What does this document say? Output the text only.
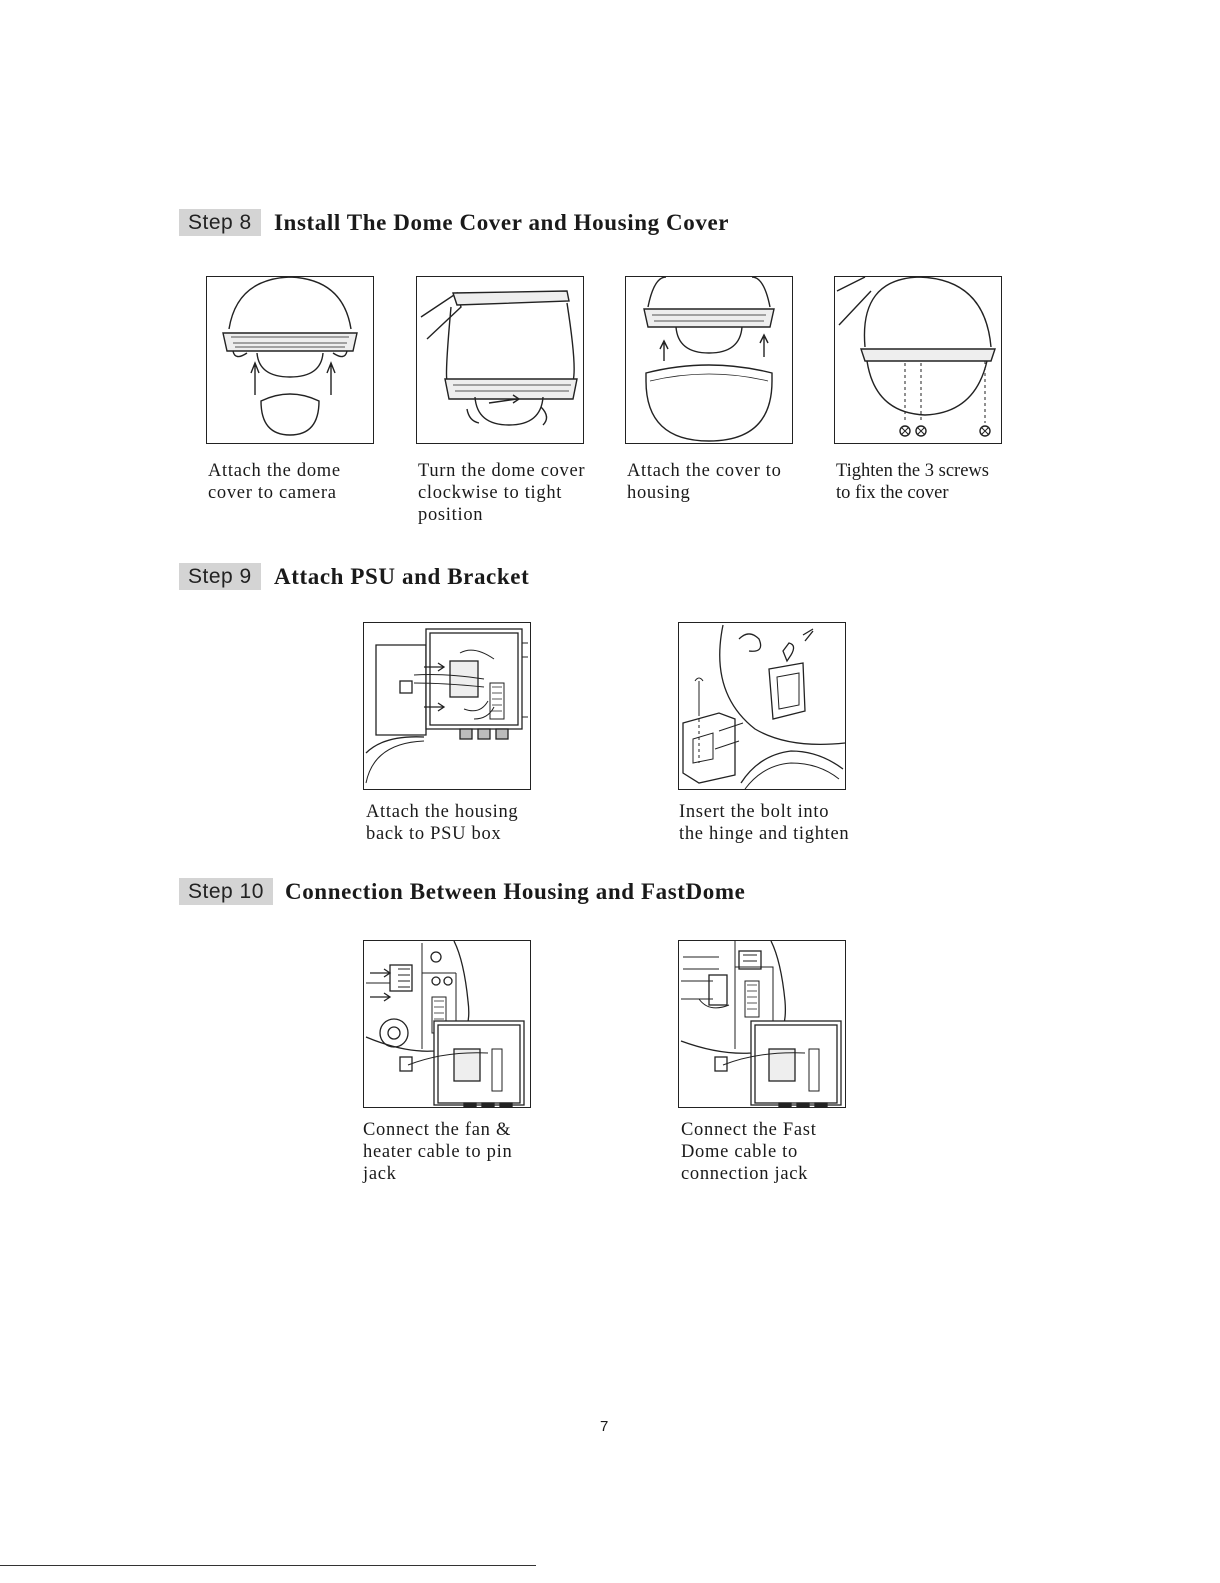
Step 8 Install The Dome Cover and Housing Cover
Attach the dome
cover to camera
Turn the dome cover
clockwise to tight
position
Attach the cover to
housing
Tighten the 3 screws
to fix the cover
Step 9 Attach PSU and Bracket
Attach the housing
back to PSU box
Insert the bolt into
the hinge and tighten
Step 10 Connection Between Housing and FastDome
Connect the fan &
heater cable to pin
jack
Connect the Fast
Dome cable to
connection jack
7
